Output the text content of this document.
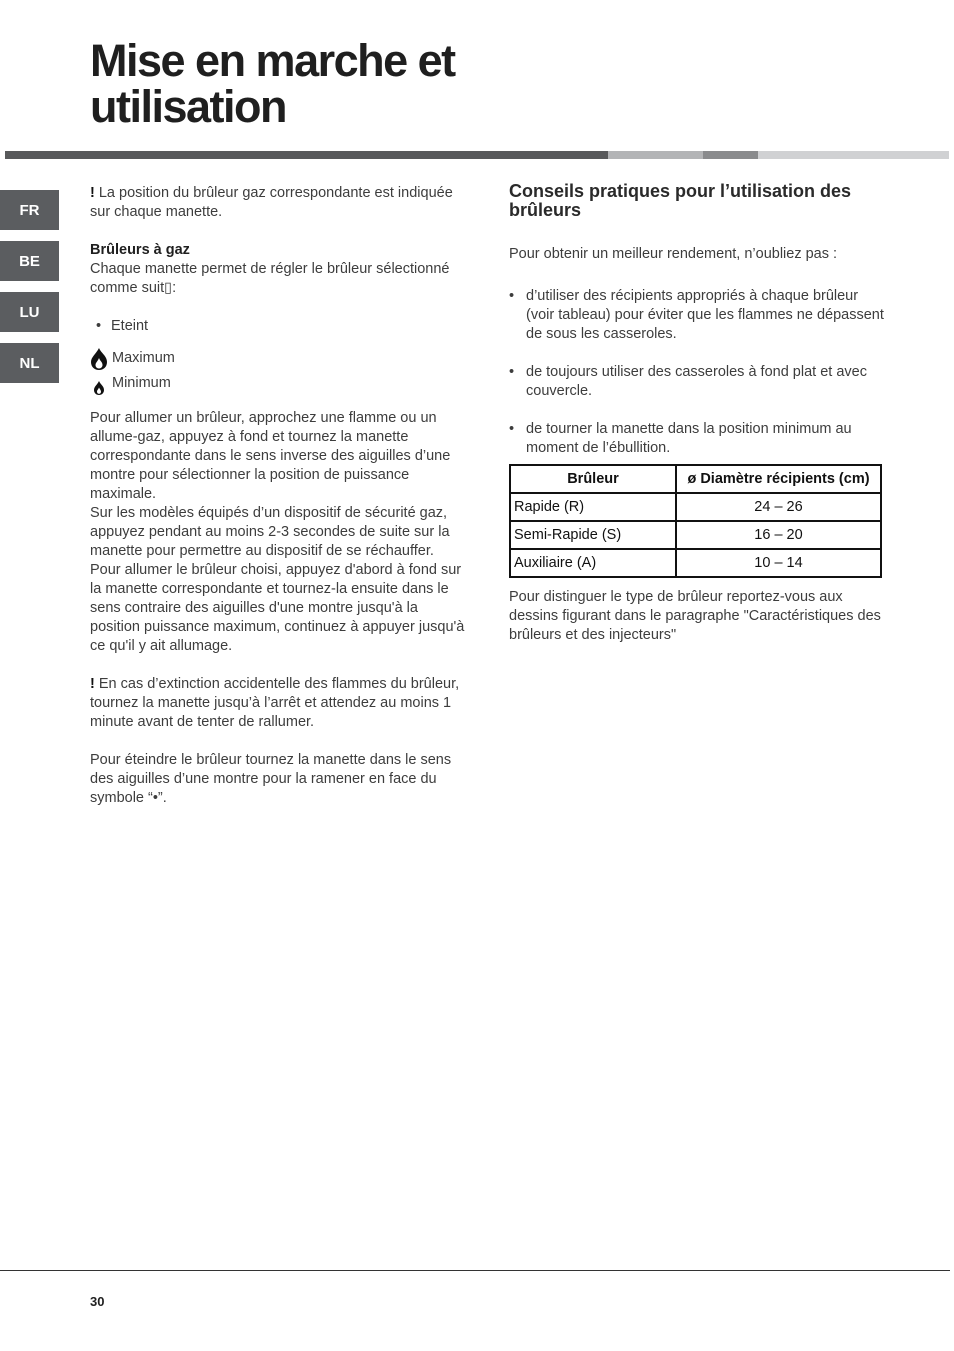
Mise en marche et utilisation
FR
BE
LU
NL

! La position du brûleur gaz correspondante est indiquée sur chaque manette.

Brûleurs à gaz

Chaque manette permet de régler le brûleur sélectionné comme suit▯:

• Eteint
Maximum
Minimum

Pour allumer un brûleur, approchez une flamme ou un allume-gaz, appuyez à fond et tournez la manette correspondante dans le sens inverse des aiguilles d’une montre pour sélectionner la position de puissance maximale.

Sur les modèles équipés d’un dispositif de sécurité gaz, appuyez pendant au moins 2-3 secondes de suite sur la manette pour permettre au dispositif de se réchauffer.

Pour allumer le brûleur choisi, appuyez d'abord à fond sur la manette correspondante et tournez-la ensuite dans le sens contraire des aiguilles d'une montre jusqu'à la position puissance maximum, continuez à appuyer jusqu'à ce qu'il y ait allumage.

! En cas d’extinction accidentelle des flammes du brûleur, tournez la manette jusqu’à l’arrêt et attendez au moins 1 minute avant de tenter de rallumer.

Pour éteindre le brûleur tournez la manette dans le sens des aiguilles d’une montre pour la ramener en face du symbole “•”.

Conseils pratiques pour l’utilisation des brûleurs

Pour obtenir un meilleur rendement, n’oubliez pas :

• d’utiliser des récipients appropriés à chaque brûleur (voir tableau) pour éviter que les flammes ne dépassent de sous les casseroles.
• de toujours utiliser des casseroles à fond plat et avec couvercle.
• de tourner la manette dans la position minimum au moment de l’ébullition.
Brûleur	ø Diamètre récipients (cm)
Rapide (R)	24 – 26
Semi-Rapide (S)	16 – 20
Auxiliaire (A)	10 – 14

Pour distinguer le type de brûleur reportez-vous aux dessins figurant dans le paragraphe "Caractéristiques des brûleurs et des injecteurs"

30
